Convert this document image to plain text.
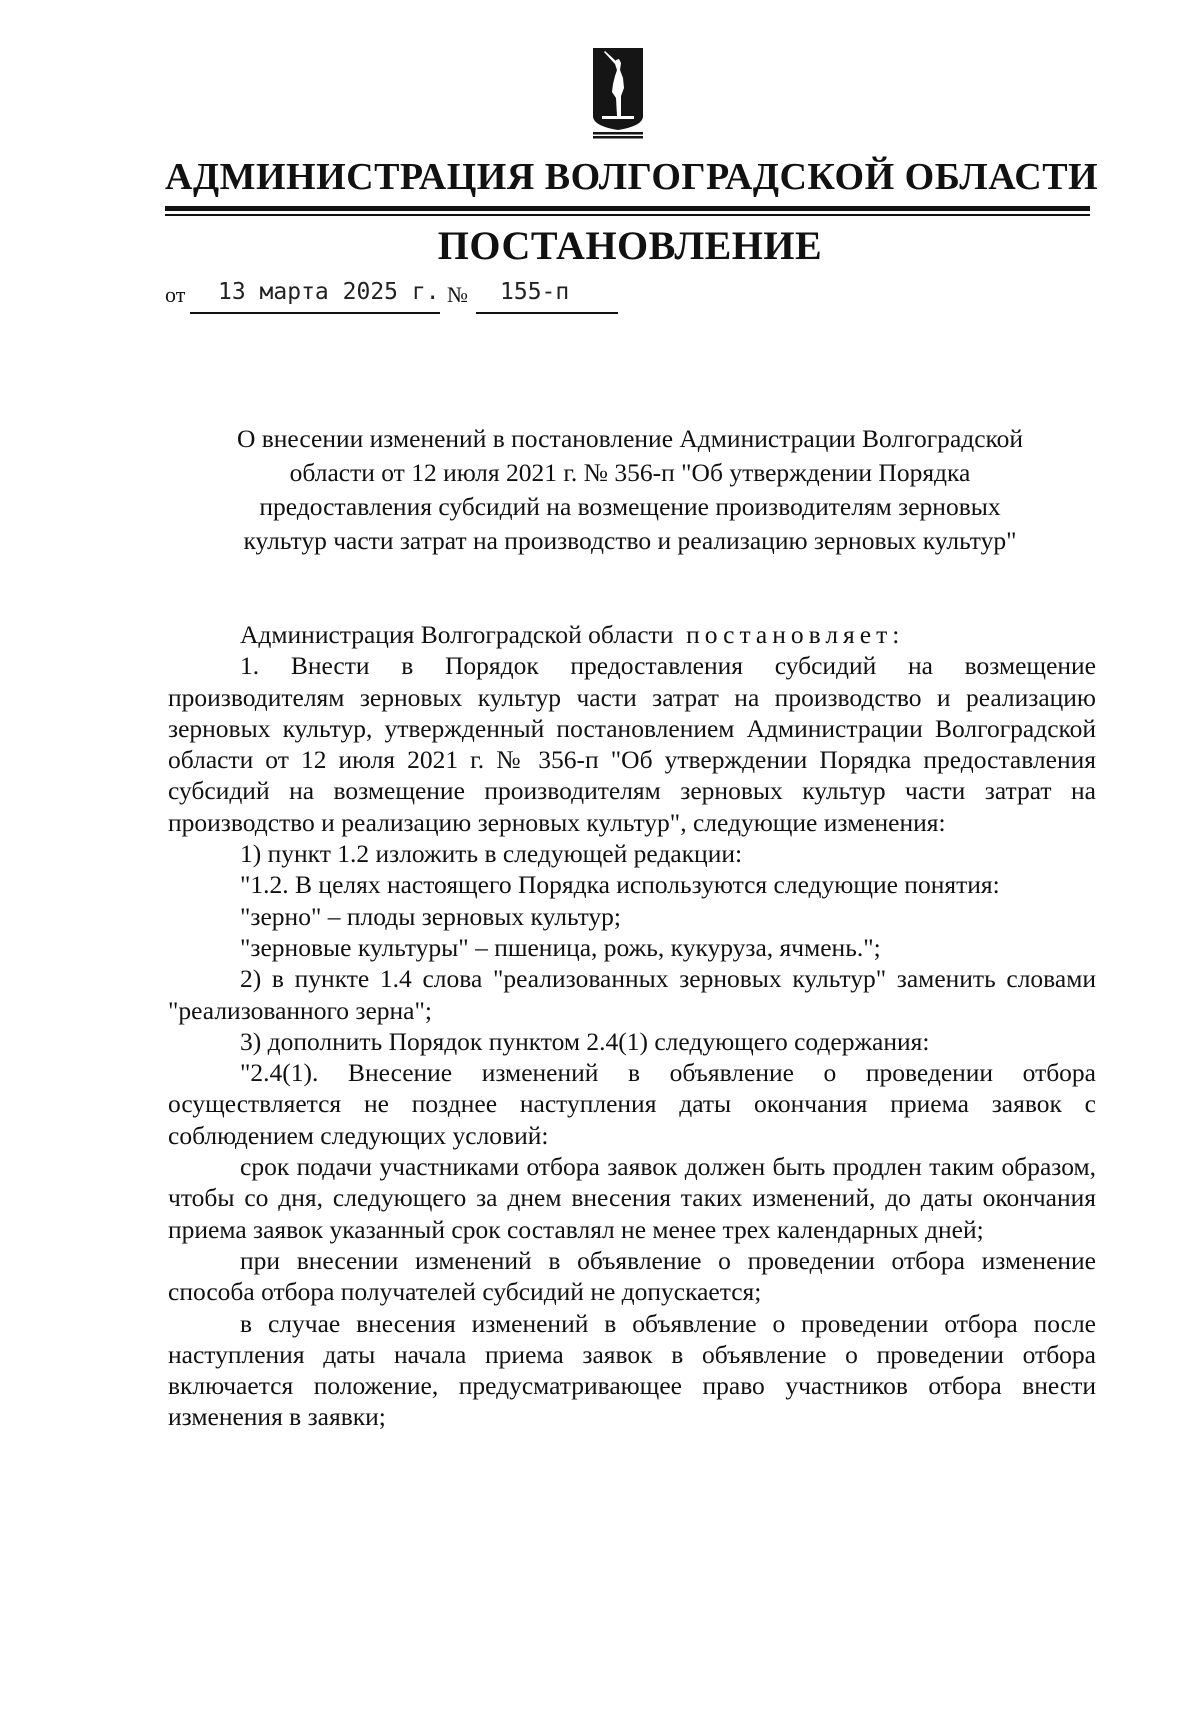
АДМИНИСТРАЦИЯ ВОЛГОГРАДСКОЙ ОБЛАСТИ
ПОСТАНОВЛЕНИЕ
от 13 марта 2025 г. № 155-п
О внесении изменений в постановление Администрации Волгоградской
области от 12 июля 2021 г. № 356-п "Об утверждении Порядка
предоставления субсидий на возмещение производителям зерновых
культур части затрат на производство и реализацию зерновых культур"

Администрация Волгоградской области постановляет:

1. Внести в Порядок предоставления субсидий на возмещение производителям зерновых культур части затрат на производство и реализацию зерновых культур, утвержденный постановлением Администрации Волгоградской области от 12 июля 2021 г. № 356-п "Об утверждении Порядка предоставления субсидий на возмещение производителям зерновых культур части затрат на производство и реализацию зерновых культур", следующие изменения:

1) пункт 1.2 изложить в следующей редакции:

"1.2. В целях настоящего Порядка используются следующие понятия:

"зерно" – плоды зерновых культур;

"зерновые культуры" – пшеница, рожь, кукуруза, ячмень.";

2) в пункте 1.4 слова "реализованных зерновых культур" заменить словами "реализованного зерна";

3) дополнить Порядок пунктом 2.4(1) следующего содержания:

"2.4(1). Внесение изменений в объявление о проведении отбора осуществляется не позднее наступления даты окончания приема заявок с соблюдением следующих условий:

срок подачи участниками отбора заявок должен быть продлен таким образом, чтобы со дня, следующего за днем внесения таких изменений, до даты окончания приема заявок указанный срок составлял не менее трех календарных дней;

при внесении изменений в объявление о проведении отбора изменение способа отбора получателей субсидий не допускается;

в случае внесения изменений в объявление о проведении отбора после наступления даты начала приема заявок в объявление о проведении отбора включается положение, предусматривающее право участников отбора внести изменения в заявки;
